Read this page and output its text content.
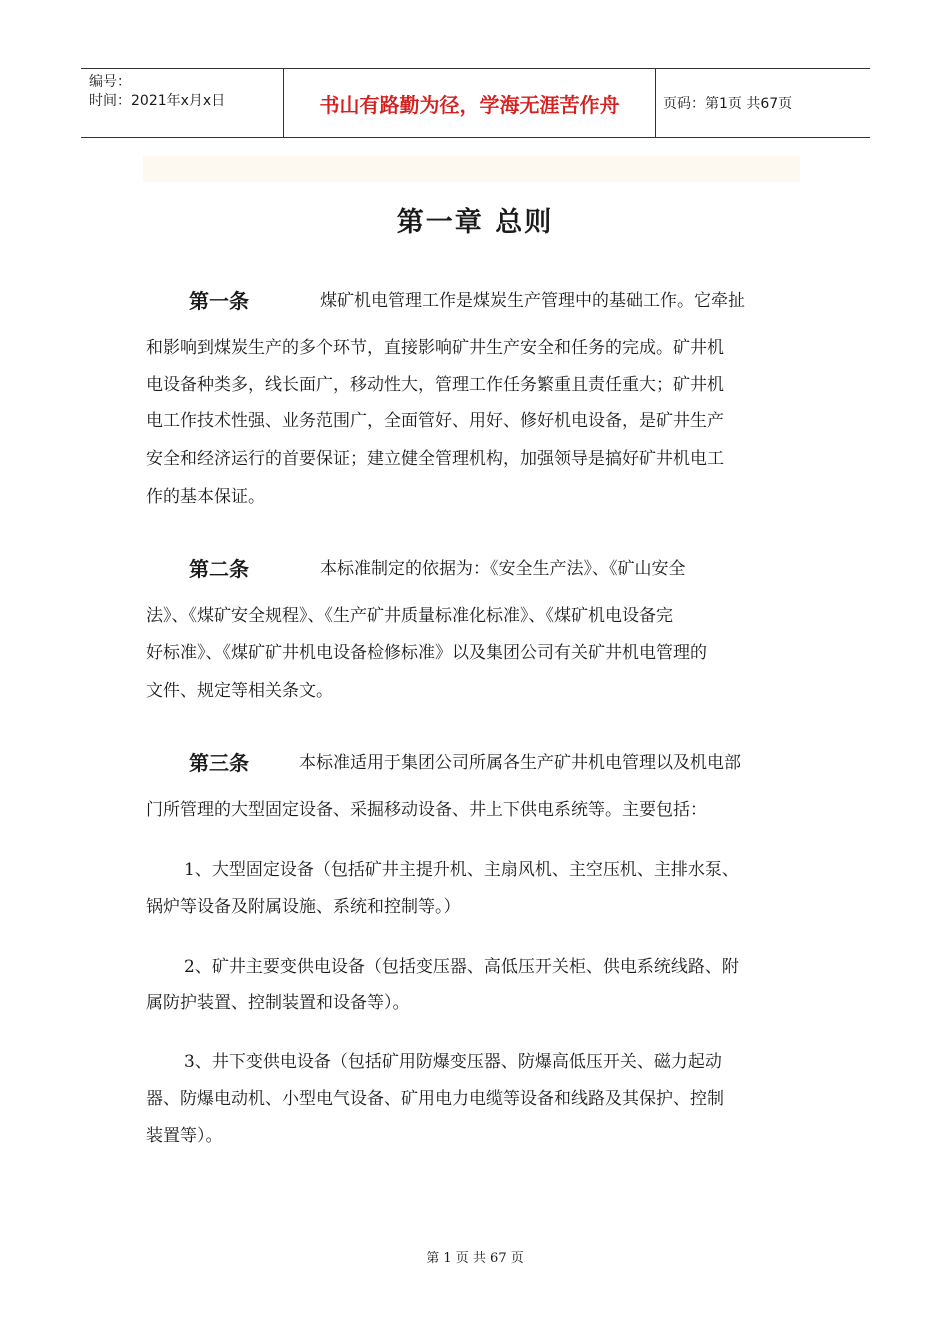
编号：
时间：2021年x月x日	书山有路勤为径，学海无涯苦作舟	页码：第1页 共67页
第一章 总则
第一条	煤矿机电管理工作是煤炭生产管理中的基础工作。它牵扯
和影响到煤炭生产的多个环节，直接影响矿井生产安全和任务的完成。矿井机
电设备种类多，线长面广，移动性大，管理工作任务繁重且责任重大；矿井机
电工作技术性强、业务范围广，全面管好、用好、修好机电设备，是矿井生产
安全和经济运行的首要保证；建立健全管理机构，加强领导是搞好矿井机电工
作的基本保证。
第二条	本标准制定的依据为：《安全生产法》、《矿山安全
法》、《煤矿安全规程》、《生产矿井质量标准化标准》、《煤矿机电设备完
好标准》、《煤矿矿井机电设备检修标准》以及集团公司有关矿井机电管理的
文件、规定等相关条文。
第三条	本标准适用于集团公司所属各生产矿井机电管理以及机电部
门所管理的大型固定设备、采掘移动设备、井上下供电系统等。主要包括：
1、大型固定设备（包括矿井主提升机、主扇风机、主空压机、主排水泵、
锅炉等设备及附属设施、系统和控制等。）
2、矿井主要变供电设备（包括变压器、高低压开关柜、供电系统线路、附
属防护装置、控制装置和设备等）。
3、井下变供电设备（包括矿用防爆变压器、防爆高低压开关、磁力起动
器、防爆电动机、小型电气设备、矿用电力电缆等设备和线路及其保护、控制
装置等）。
第 1 页 共 67 页
